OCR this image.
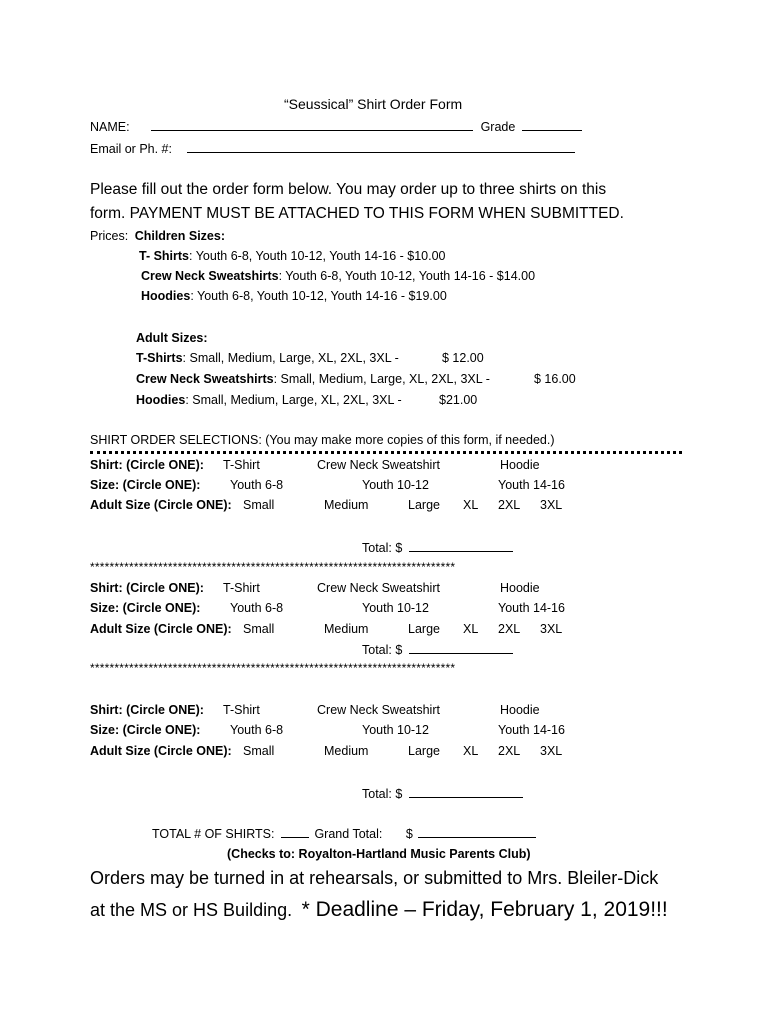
“Seussical” Shirt Order Form
NAME:	Grade
Email or Ph. #:
Please fill out the order form below. You may order up to three shirts on this
form. PAYMENT MUST BE ATTACHED TO THIS FORM WHEN SUBMITTED.
Prices: Children Sizes:
T- Shirts: Youth 6-8, Youth 10-12, Youth 14-16 - $10.00
Crew Neck Sweatshirts: Youth 6-8, Youth 10-12, Youth 14-16 - $14.00
Hoodies: Youth 6-8, Youth 10-12, Youth 14-16 - $19.00
Adult Sizes:
T-Shirts: Small, Medium, Large, XL, 2XL, 3XL -	$ 12.00
Crew Neck Sweatshirts: Small, Medium, Large, XL, 2XL, 3XL -	$ 16.00
Hoodies: Small, Medium, Large, XL, 2XL, 3XL -	$21.00
SHIRT ORDER SELECTIONS: (You may make more copies of this form, if needed.)
Shirt: (Circle ONE): T-Shirt	Crew Neck Sweatshirt	Hoodie
Size: (Circle ONE): Youth 6-8	Youth 10-12	Youth 14-16
Adult Size (Circle ONE): Small	Medium	Large XL 2XL 3XL
Total: $
***************************************************************************
Shirt: (Circle ONE): T-Shirt	Crew Neck Sweatshirt	Hoodie
Size: (Circle ONE): Youth 6-8	Youth 10-12	Youth 14-16
Adult Size (Circle ONE): Small	Medium	Large XL 2XL 3XL
Total: $
***************************************************************************
Shirt: (Circle ONE): T-Shirt	Crew Neck Sweatshirt	Hoodie
Size: (Circle ONE): Youth 6-8	Youth 10-12	Youth 14-16
Adult Size (Circle ONE): Small	Medium	Large XL 2XL 3XL
Total: $
TOTAL # OF SHIRTS:	Grand Total: $
(Checks to: Royalton-Hartland Music Parents Club)
Orders may be turned in at rehearsals, or submitted to Mrs. Bleiler-Dick
at the MS or HS Building. * Deadline – Friday, February 1, 2019!!!
